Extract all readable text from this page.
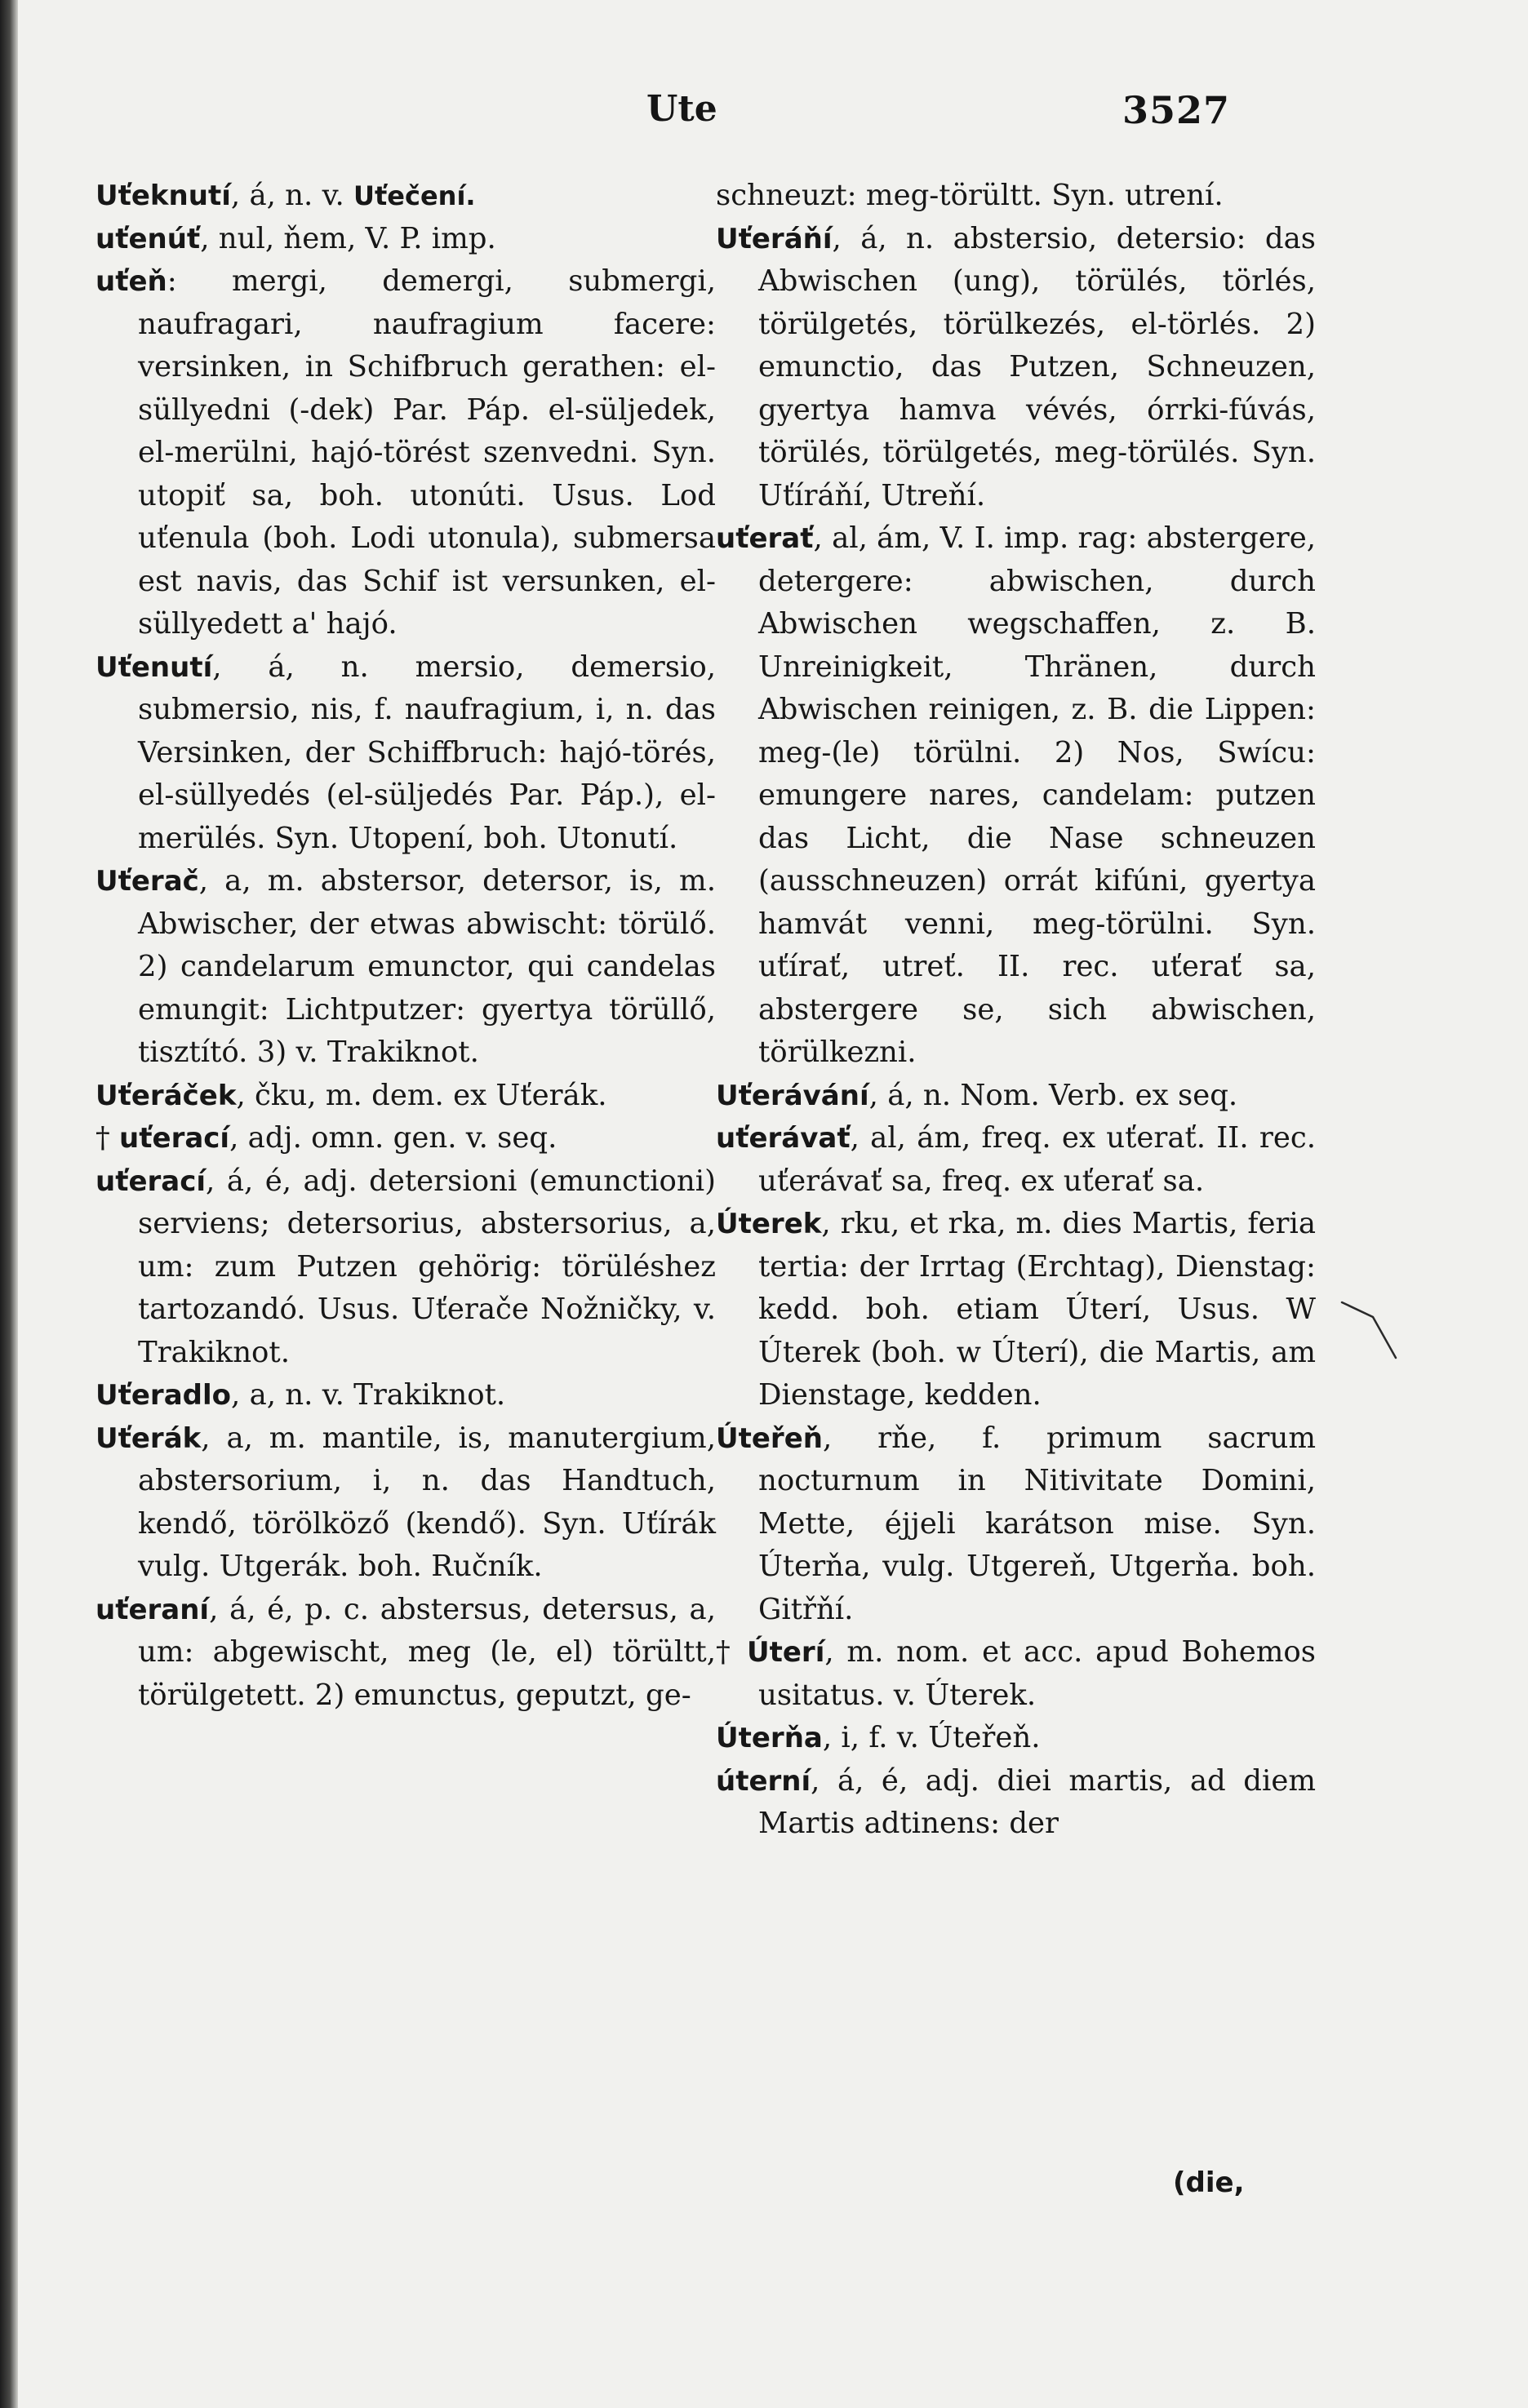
Ute	3527

Uťeknutí, á, n. v. Uťečení.

uťenúť, nul, ňem, V. P. imp.

uťeň: mergi, demergi, submergi, naufragari, naufragium facere: versinken, in Schifbruch gerathen: el-süllyedni (-dek) Par. Páp. el-süljedek, el-merülni, hajó-törést szenvedni. Syn. utopiť sa, boh. utonúti. Usus. Lod uťenula (boh. Lodi utonula), submersa est navis, das Schif ist versunken, el-süllyedett a' hajó.

Uťenutí, á, n. mersio, demersio, submersio, nis, f. naufragium, i, n. das Versinken, der Schiffbruch: hajó-törés, el-süllyedés (el-süljedés Par. Páp.), el-merülés. Syn. Utopení, boh. Utonutí.

Uťerač, a, m. abstersor, detersor, is, m. Abwischer, der etwas abwischt: törülő. 2) candelarum emunctor, qui candelas emungit: Lichtputzer: gyertya törüllő, tisztító. 3) v. Trakiknot.

Uťeráček, čku, m. dem. ex Uťerák.

† uťerací, adj. omn. gen. v. seq.

uťerací, á, é, adj. detersioni (emunctioni) serviens; detersorius, abstersorius, a, um: zum Putzen gehörig: törüléshez tartozandó. Usus. Uťerače Nožničky, v. Trakiknot.

Uťeradlo, a, n. v. Trakiknot.

Uťerák, a, m. mantile, is, manutergium, abstersorium, i, n. das Handtuch, kendő, törölköző (kendő). Syn. Uťírák vulg. Utgerák. boh. Ručník.

uťeraní, á, é, p. c. abstersus, detersus, a, um: abgewischt, meg (le, el) törültt, törülgetett. 2) emunctus, geputzt, ge-

schneuzt: meg-törültt. Syn. utrení.

Uťeráňí, á, n. abstersio, detersio: das Abwischen (ung), törülés, törlés, törülgetés, törülkezés, el-törlés. 2) emunctio, das Putzen, Schneuzen, gyertya hamva vévés, órrki-fúvás, törülés, törülgetés, meg-törülés. Syn. Uťíráňí, Utreňí.

uťerať, al, ám, V. I. imp. rag: abstergere, detergere: abwischen, durch Abwischen wegschaffen, z. B. Unreinigkeit, Thränen, durch Abwischen reinigen, z. B. die Lippen: meg-(le) törülni. 2) Nos, Swícu: emungere nares, candelam: putzen das Licht, die Nase schneuzen (ausschneuzen) orrát kifúni, gyertya hamvát venni, meg-törülni. Syn. uťírať, utreť. II. rec. uťerať sa, abstergere se, sich abwischen, törülkezni.

Uťerávání, á, n. Nom. Verb. ex seq.

uťerávať, al, ám, freq. ex uťerať. II. rec. uťerávať sa, freq. ex uťerať sa.

Úterek, rku, et rka, m. dies Martis, feria tertia: der Irrtag (Erchtag), Dienstag: kedd. boh. etiam Úterí, Usus. W Úterek (boh. w Úterí), die Martis, am Dienstage, kedden.

Úteřeň, rňe, f. primum sacrum nocturnum in Nitivitate Domini, Mette, éjjeli karátson mise. Syn. Úterňa, vulg. Utgereň, Utgerňa. boh. Gitřňí.

† Úterí, m. nom. et acc. apud Bohemos usitatus. v. Úterek.

Úterňa, i, f. v. Úteřeň.

úterní, á, é, adj. diei martis, ad diem Martis adtinens: der

(die,
